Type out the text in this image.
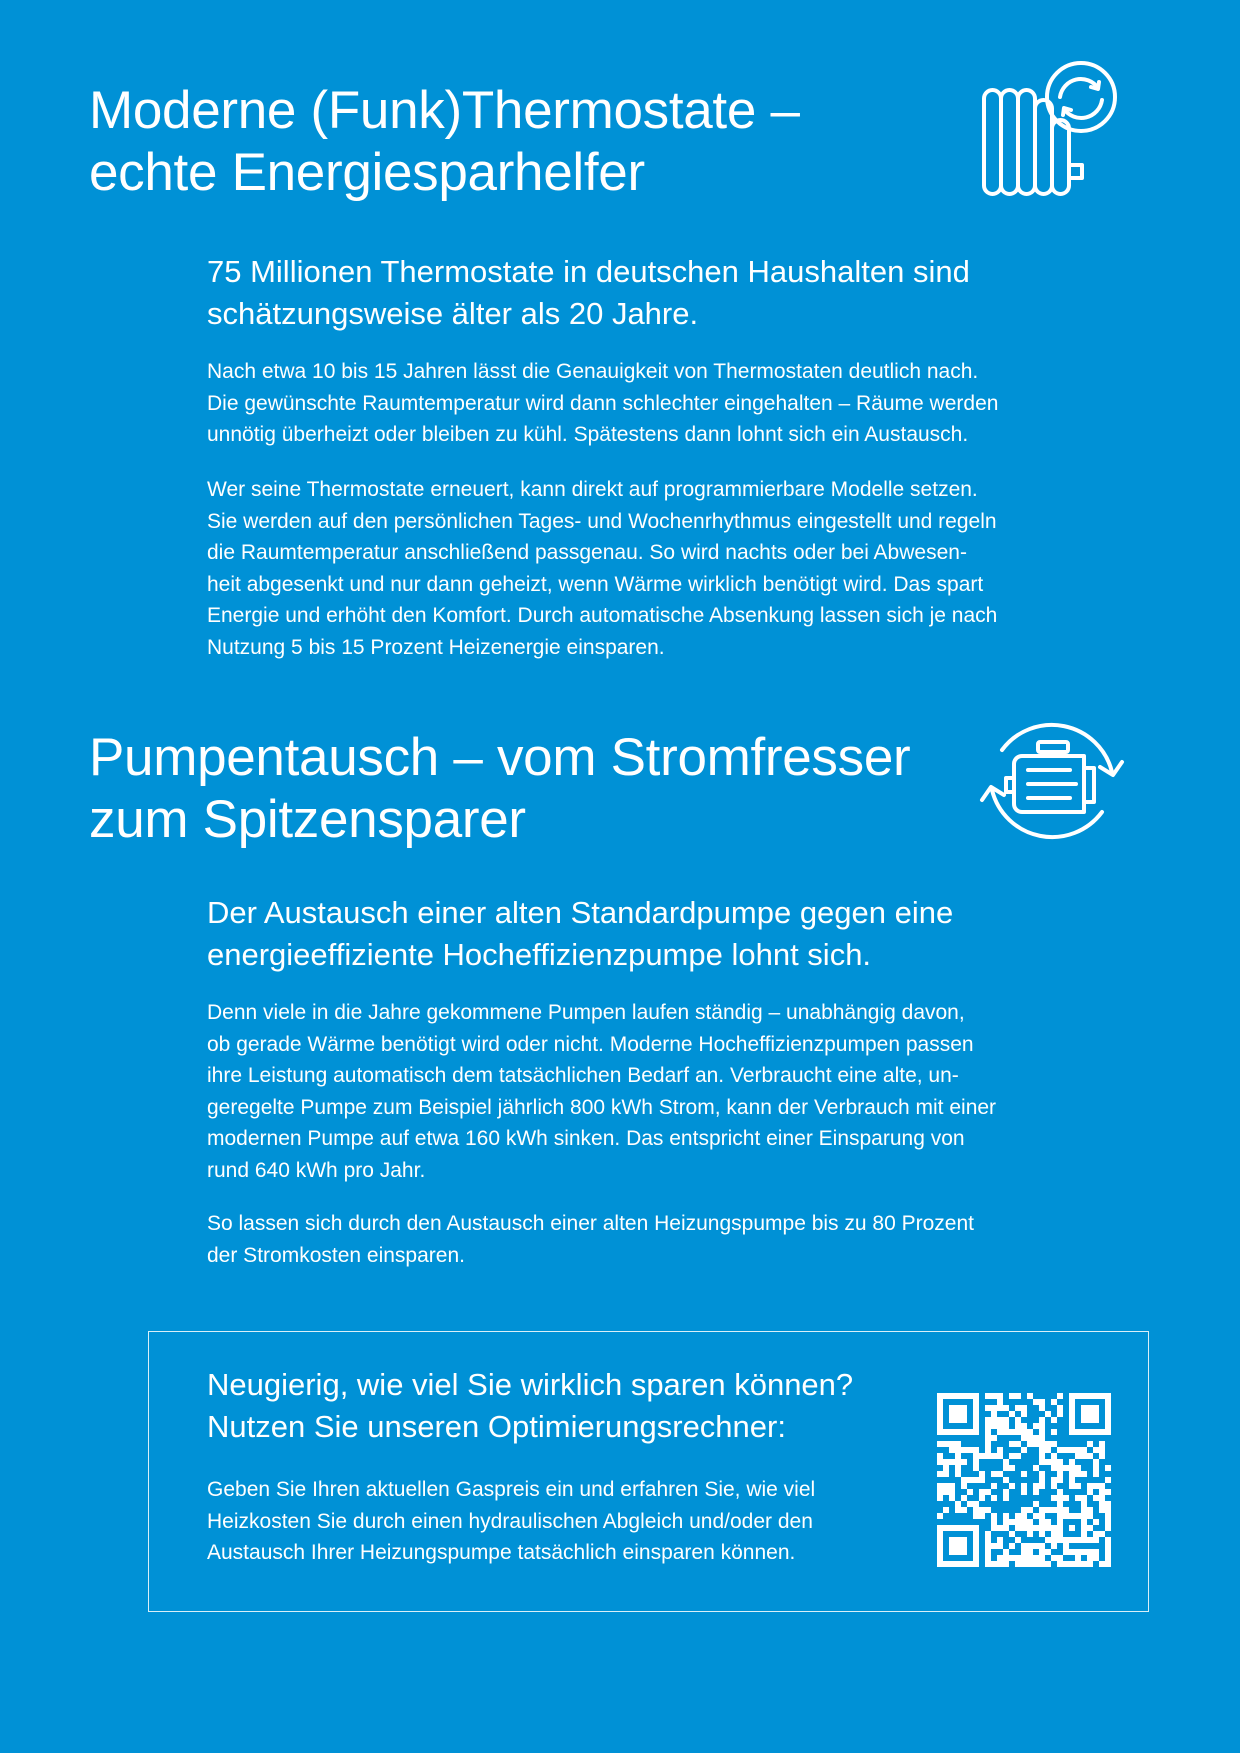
Moderne (Funk)Thermostate –
echte Energiesparhelfer
75 Millionen Thermostate in deutschen Haushalten sind
schätzungsweise älter als 20 Jahre.

Nach etwa 10 bis 15 Jahren lässt die Genauigkeit von Thermostaten deutlich nach.
Die gewünschte Raumtemperatur wird dann schlechter eingehalten – Räume werden
unnötig überheizt oder bleiben zu kühl. Spätestens dann lohnt sich ein Austausch.

Wer seine Thermostate erneuert, kann direkt auf programmierbare Modelle setzen.
Sie werden auf den persönlichen Tages- und Wochenrhythmus eingestellt und regeln
die Raumtemperatur anschließend passgenau. So wird nachts oder bei Abwesen-
heit abgesenkt und nur dann geheizt, wenn Wärme wirklich benötigt wird. Das spart
Energie und erhöht den Komfort. Durch automatische Absenkung lassen sich je nach
Nutzung 5 bis 15 Prozent Heizenergie einsparen.

Pumpentausch – vom Stromfresser
zum Spitzensparer
Der Austausch einer alten Standardpumpe gegen eine
energieeffiziente Hocheffizienzpumpe lohnt sich.

Denn viele in die Jahre gekommene Pumpen laufen ständig – unabhängig davon,
ob gerade Wärme benötigt wird oder nicht. Moderne Hocheffizienzpumpen passen
ihre Leistung automatisch dem tatsächlichen Bedarf an. Verbraucht eine alte, un-
geregelte Pumpe zum Beispiel jährlich 800 kWh Strom, kann der Verbrauch mit einer
modernen Pumpe auf etwa 160 kWh sinken. Das entspricht einer Einsparung von
rund 640 kWh pro Jahr.

So lassen sich durch den Austausch einer alten Heizungspumpe bis zu 80 Prozent
der Stromkosten einsparen.

Neugierig, wie viel Sie wirklich sparen können?
Nutzen Sie unseren Optimierungsrechner:

Geben Sie Ihren aktuellen Gaspreis ein und erfahren Sie, wie viel
Heizkosten Sie durch einen hydraulischen Abgleich und/oder den
Austausch Ihrer Heizungspumpe tatsächlich einsparen können.
